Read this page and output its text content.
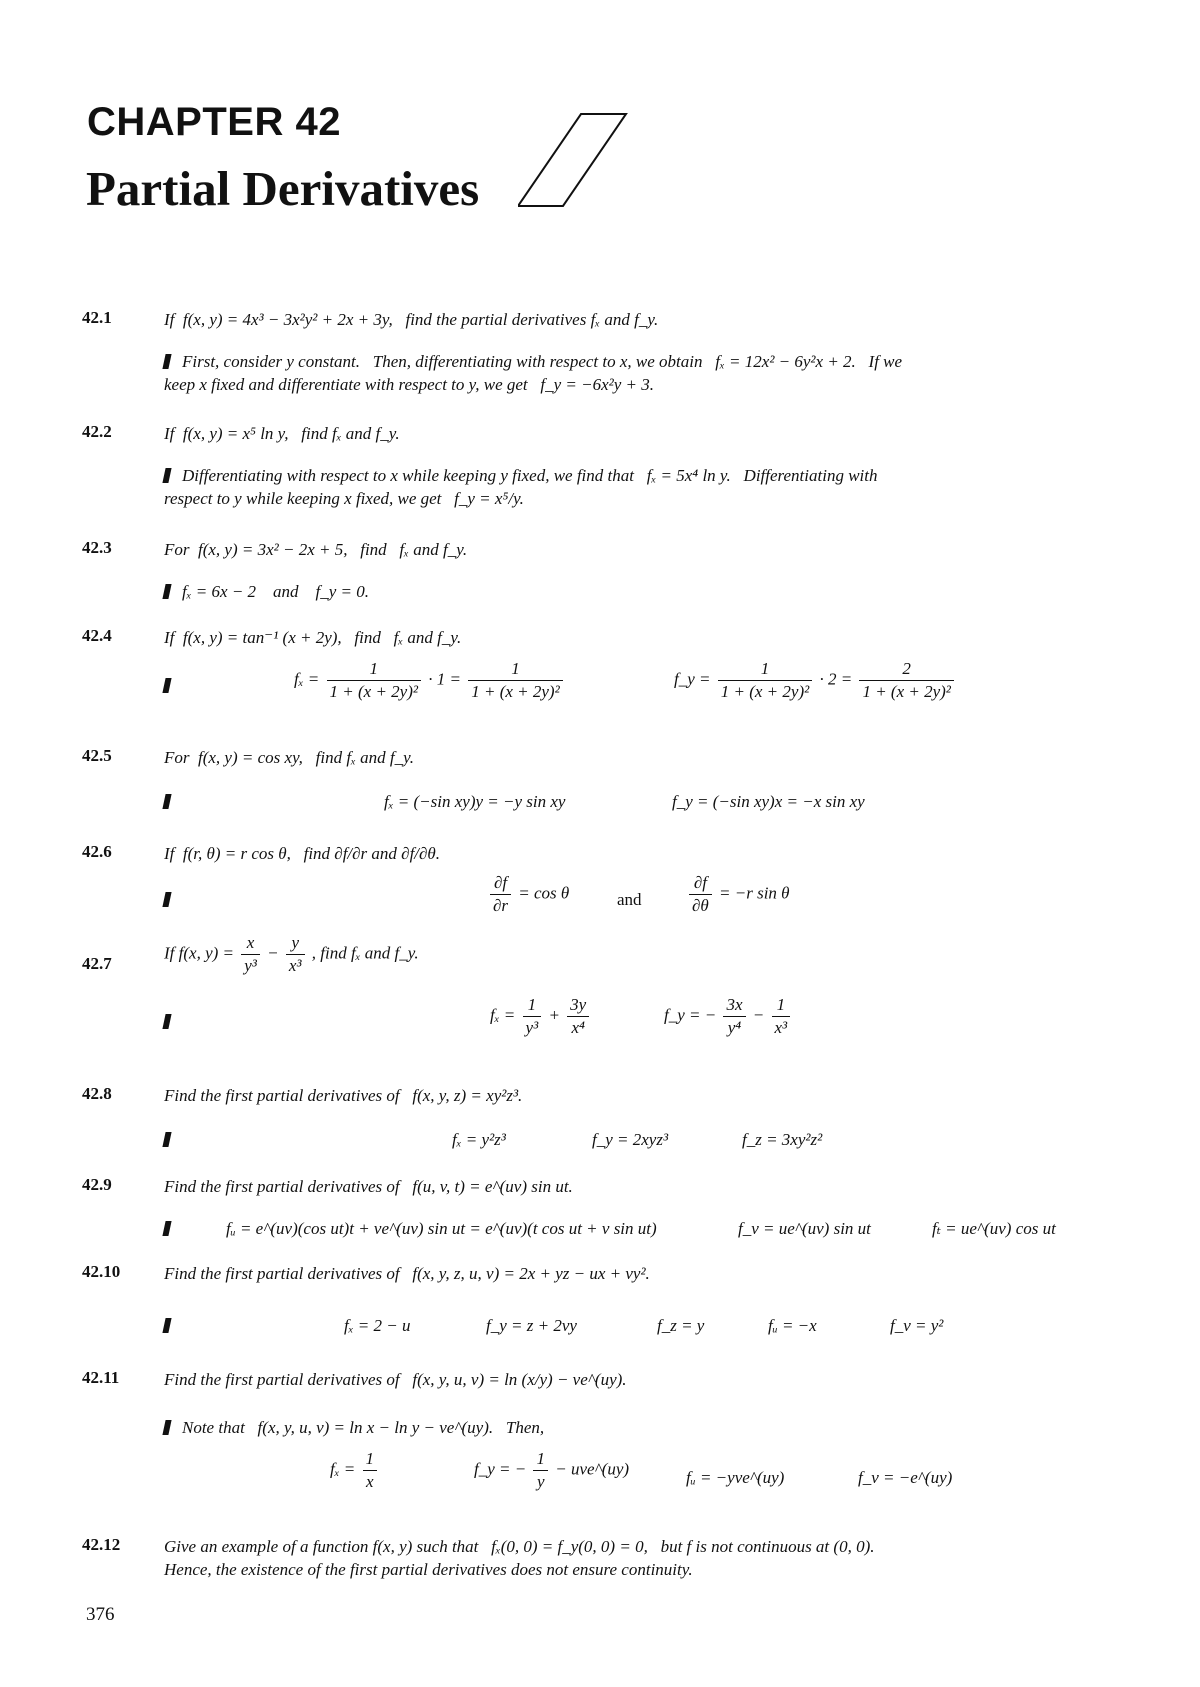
CHAPTER 42
Partial Derivatives
42.1	If  f(x, y) = 4x³ − 3x²y² + 2x + 3y,   find the partial derivatives fₓ and f_y.
First, consider y constant.   Then, differentiating with respect to x, we obtain   fₓ = 12x² − 6y²x + 2.   If we
keep x fixed and differentiate with respect to y, we get   f_y = −6x²y + 3.
42.2	If  f(x, y) = x⁵ ln y,   find fₓ and f_y.
Differentiating with respect to x while keeping y fixed, we find that   fₓ = 5x⁴ ln y.   Differentiating with
respect to y while keeping x fixed, we get   f_y = x⁵/y.
42.3	For  f(x, y) = 3x² − 2x + 5,   find   fₓ and f_y.
fₓ = 6x − 2    and    f_y = 0.
42.4	If  f(x, y) = tan⁻¹ (x + 2y),   find   fₓ and f_y.
$f_x = \frac{1}{\text{1 + (x + 2y)²}} \cdot 1 = \frac{1}{\text{1 + (x + 2y)²}}$	f_y = $\frac{1}{\text{1 + (x + 2y)²}} \cdot 2 = \frac{2}{\text{1 + (x + 2y)²}}$
42.5	For  f(x, y) = cos xy,   find fₓ and f_y.
fₓ = (−sin xy)y = −y sin xy	f_y = (−sin xy)x = −x sin xy
42.6	If  f(r, θ) = r cos θ,   find ∂f/∂r and ∂f/∂θ.
$\frac{\partial f}{\partial r} = \cos \theta$	and	$\frac{\partial f}{\partial\theta} = -r$ sin θ
42.7
If f(x, $y) = \frac{x}{\text{y³}} - \frac{y}{\text{x³}}$ , find fₓ and f_y.
$f_x = \frac{1}{\text{y³}} + \frac{3y}{\text{x⁴}}$	f_y = − $\frac{3x}{\text{y⁴}} - \frac{1}{\text{x³}}$
42.8	Find the first partial derivatives of   f(x, y, z) = xy²z³.
fₓ = y²z³	f_y = 2xyz³	f_z = 3xy²z²
42.9	Find the first partial derivatives of   f(u, v, t) = e^(uv) sin ut.
fᵤ = e^(uv)(cos ut)t + ve^(uv) sin ut = e^(uv)(t cos ut + v sin ut)	f_v = ue^(uv) sin ut	fₜ = ue^(uv) cos ut
42.10	Find the first partial derivatives of   f(x, y, z, u, v) = 2x + yz − ux + vy².
fₓ = 2 − u	f_y = z + 2vy	f_z = y	fᵤ = −x	f_v = y²
42.11	Find the first partial derivatives of   f(x, y, u, v) = ln (x/y) − ve^(uy).
Note that   f(x, y, u, v) = ln x − ln y − ve^(uy).   Then,
$f_x = \frac{1}{x}$	f_y = − $\frac{1}{y}$ − uve^(uy)	fᵤ = −yve^(uy)	f_v = −e^(uy)
42.12	Give an example of a function f(x, y) such that   fₓ(0, 0) = f_y(0, 0) = 0,   but f is not continuous at (0, 0).
Hence, the existence of the first partial derivatives does not ensure continuity.
376
